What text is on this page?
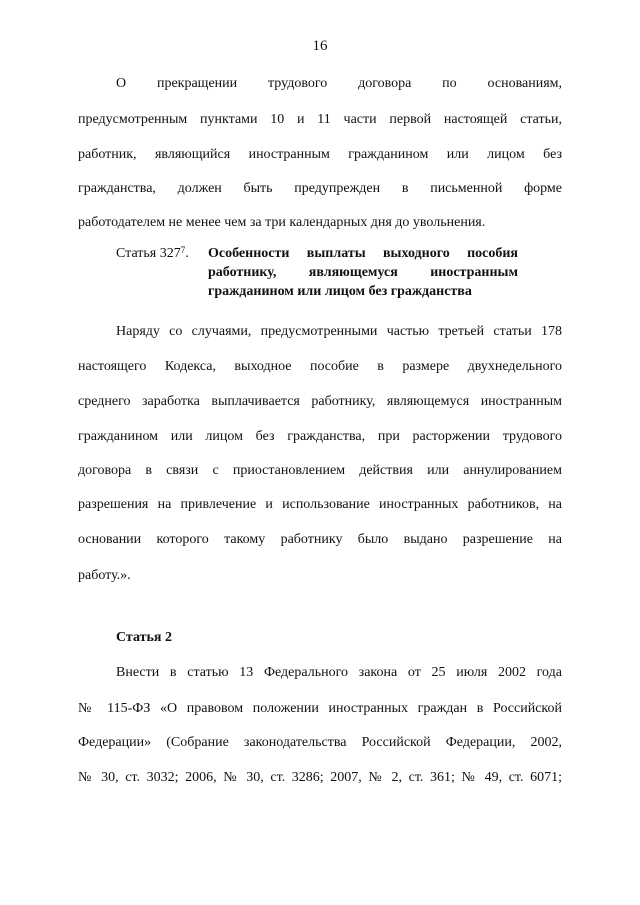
16
О прекращении трудового договора по основаниям,
предусмотренным пунктами 10 и 11 части первой настоящей статьи,
работник, являющийся иностранным гражданином или лицом без
гражданства, должен быть предупрежден в письменной форме
работодателем не менее чем за три календарных дня до увольнения.
Статья $327^7$. Особенности выплаты выходного пособия
работнику, являющемуся иностранным
гражданином или лицом без гражданства
Наряду со случаями, предусмотренными частью третьей статьи 178
настоящего Кодекса, выходное пособие в размере двухнедельного
среднего заработка выплачивается работнику, являющемуся иностранным
гражданином или лицом без гражданства, при расторжении трудового
договора в связи с приостановлением действия или аннулированием
разрешения на привлечение и использование иностранных работников, на
основании которого такому работнику было выдано разрешение на
работу.».
Статья 2
Внести в статью 13 Федерального закона от 25 июля 2002 года
№ 115-ФЗ «О правовом положении иностранных граждан в Российской
Федерации» (Собрание законодательства Российской Федерации, 2002,
№ 30, ст. 3032; 2006, № 30, ст. 3286; 2007, № 2, ст. 361; № 49, ст. 6071;
